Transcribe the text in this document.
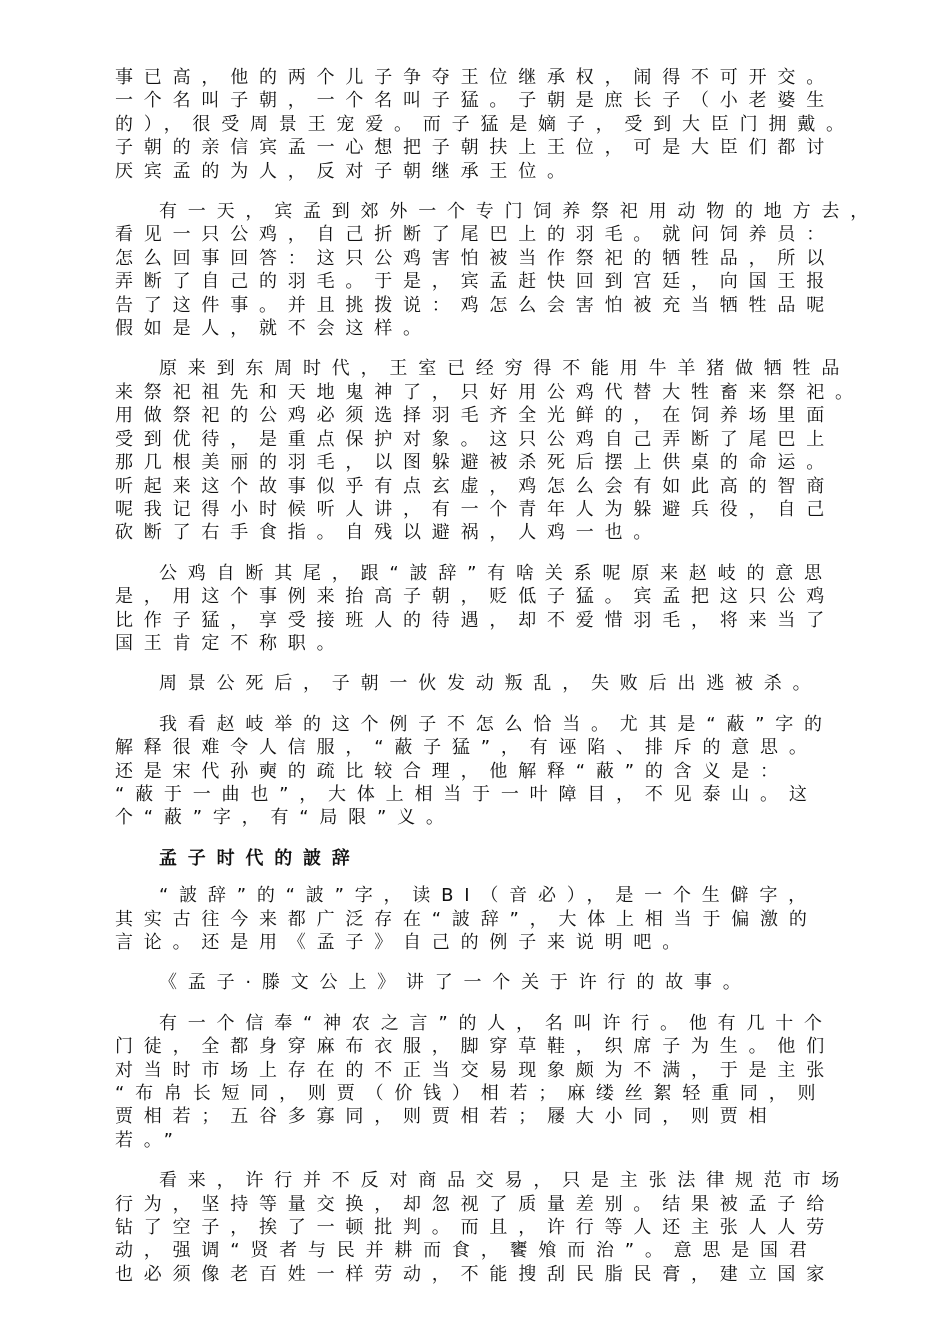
事已高，他的两个儿子争夺王位继承权，闹得不可开交。
一个名叫子朝，一个名叫子猛。子朝是庶长子（小老婆生
的），很受周景王宠爱。而子猛是嫡子，受到大臣门拥戴。
子朝的亲信宾孟一心想把子朝扶上王位，可是大臣们都讨
厌宾孟的为人，反对子朝继承王位。
有一天，宾孟到郊外一个专门饲养祭祀用动物的地方去，
看见一只公鸡，自己折断了尾巴上的羽毛。就问饲养员：
怎么回事回答：这只公鸡害怕被当作祭祀的牺牲品，所以
弄断了自己的羽毛。于是，宾孟赶快回到宫廷，向国王报
告了这件事。并且挑拨说：鸡怎么会害怕被充当牺牲品呢
假如是人，就不会这样。
原来到东周时代，王室已经穷得不能用牛羊猪做牺牲品
来祭祀祖先和天地鬼神了，只好用公鸡代替大牲畜来祭祀。
用做祭祀的公鸡必须选择羽毛齐全光鲜的，在饲养场里面
受到优待，是重点保护对象。这只公鸡自己弄断了尾巴上
那几根美丽的羽毛，以图躲避被杀死后摆上供桌的命运。
听起来这个故事似乎有点玄虚，鸡怎么会有如此高的智商
呢我记得小时候听人讲，有一个青年人为躲避兵役，自己
砍断了右手食指。自残以避祸，人鸡一也。
公鸡自断其尾，跟“詖辞”有啥关系呢原来赵岐的意思
是，用这个事例来抬高子朝，贬低子猛。宾孟把这只公鸡
比作子猛，享受接班人的待遇，却不爱惜羽毛，将来当了
国王肯定不称职。
周景公死后，子朝一伙发动叛乱，失败后出逃被杀。
我看赵岐举的这个例子不怎么恰当。尤其是“蔽”字的
解释很难令人信服，“蔽子猛”，有诬陷、排斥的意思。
还是宋代孙奭的疏比较合理，他解释“蔽”的含义是：
“蔽于一曲也”，大体上相当于一叶障目，不见泰山。这
个“蔽”字，有“局限”义。
孟子时代的詖辞
“詖辞”的“詖”字，读BI（音必），是一个生僻字，
其实古往今来都广泛存在“詖辞”，大体上相当于偏激的
言论。还是用《孟子》自己的例子来说明吧。
《孟子·滕文公上》讲了一个关于许行的故事。
有一个信奉“神农之言”的人，名叫许行。他有几十个
门徒，全都身穿麻布衣服，脚穿草鞋，织席子为生。他们
对当时市场上存在的不正当交易现象颇为不满，于是主张
“布帛长短同，则贾（价钱）相若；麻缕丝絮轻重同，则
贾相若；五谷多寡同，则贾相若；屦大小同，则贾相
若。”
看来，许行并不反对商品交易，只是主张法律规范市场
行为，坚持等量交换，却忽视了质量差别。结果被孟子给
钻了空子，挨了一顿批判。而且，许行等人还主张人人劳
动，强调“贤者与民并耕而食，饔飧而治”。意思是国君
也必须像老百姓一样劳动，不能搜刮民脂民膏，建立国家
